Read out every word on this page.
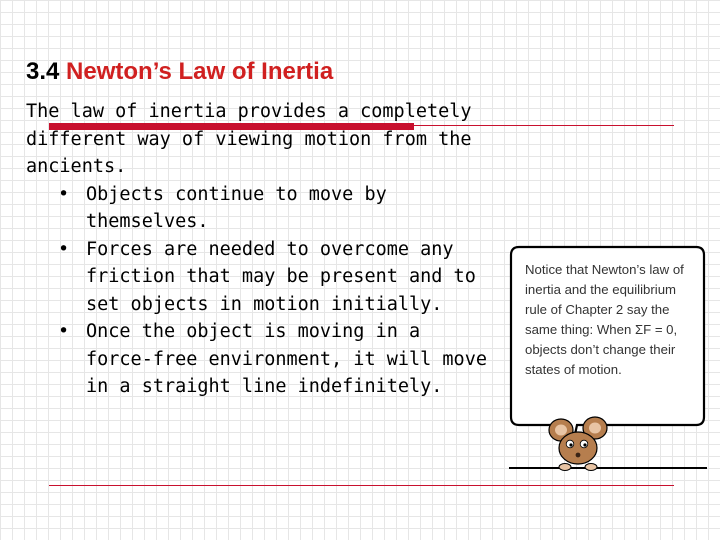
3.4 Newton’s Law of Inertia

The law of inertia provides a completely different way of viewing motion from the ancients.

• Objects continue to move by themselves.
• Forces are needed to overcome any friction that may be present and to set objects in motion initially.
• Once the object is moving in a force-free environment, it will move in a straight line indefinitely.

Notice that Newton’s law of inertia and the equilibrium rule of Chapter 2 say the same thing: When ΣF = 0, objects don’t change their states of motion.
